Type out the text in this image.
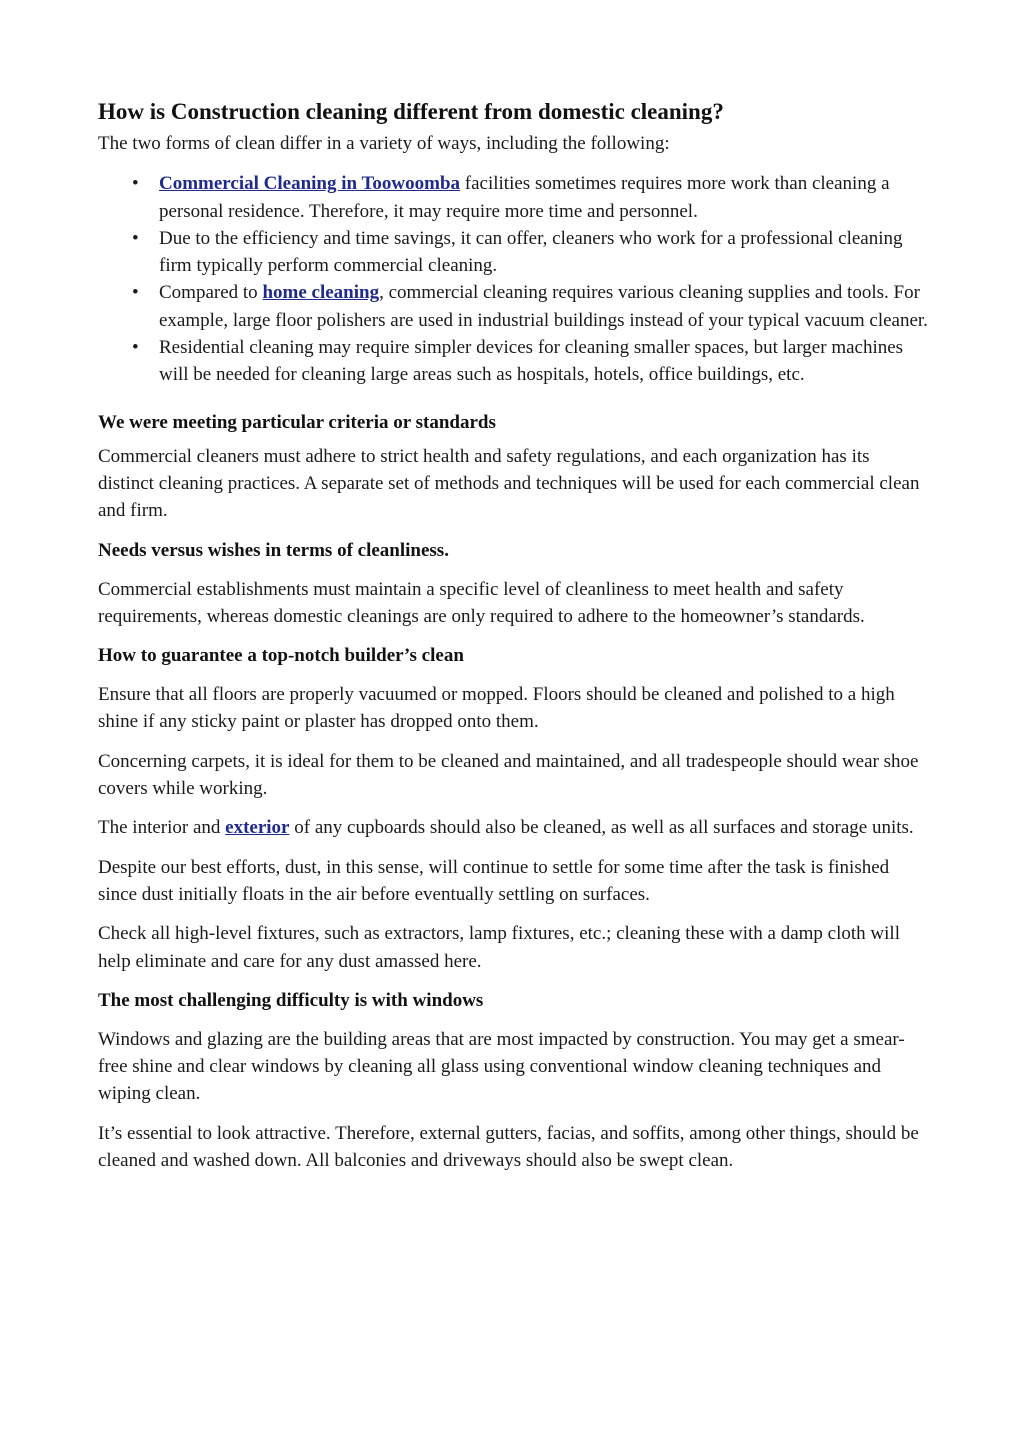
How is Construction cleaning different from domestic cleaning?

The two forms of clean differ in a variety of ways, including the following:

• Commercial Cleaning in Toowoomba facilities sometimes requires more work than cleaning a personal residence. Therefore, it may require more time and personnel.
• Due to the efficiency and time savings, it can offer, cleaners who work for a professional cleaning firm typically perform commercial cleaning.
• Compared to home cleaning, commercial cleaning requires various cleaning supplies and tools. For example, large floor polishers are used in industrial buildings instead of your typical vacuum cleaner.
• Residential cleaning may require simpler devices for cleaning smaller spaces, but larger machines will be needed for cleaning large areas such as hospitals, hotels, office buildings, etc.
We were meeting particular criteria or standards

Commercial cleaners must adhere to strict health and safety regulations, and each organization has its distinct cleaning practices. A separate set of methods and techniques will be used for each commercial clean and firm.

Needs versus wishes in terms of cleanliness.

Commercial establishments must maintain a specific level of cleanliness to meet health and safety requirements, whereas domestic cleanings are only required to adhere to the homeowner’s standards.

How to guarantee a top-notch builder’s clean

Ensure that all floors are properly vacuumed or mopped. Floors should be cleaned and polished to a high shine if any sticky paint or plaster has dropped onto them.

Concerning carpets, it is ideal for them to be cleaned and maintained, and all tradespeople should wear shoe covers while working.

The interior and exterior of any cupboards should also be cleaned, as well as all surfaces and storage units.

Despite our best efforts, dust, in this sense, will continue to settle for some time after the task is finished since dust initially floats in the air before eventually settling on surfaces.

Check all high-level fixtures, such as extractors, lamp fixtures, etc.; cleaning these with a damp cloth will help eliminate and care for any dust amassed here.

The most challenging difficulty is with windows

Windows and glazing are the building areas that are most impacted by construction. You may get a smear-free shine and clear windows by cleaning all glass using conventional window cleaning techniques and wiping clean.

It’s essential to look attractive. Therefore, external gutters, facias, and soffits, among other things, should be cleaned and washed down. All balconies and driveways should also be swept clean.
